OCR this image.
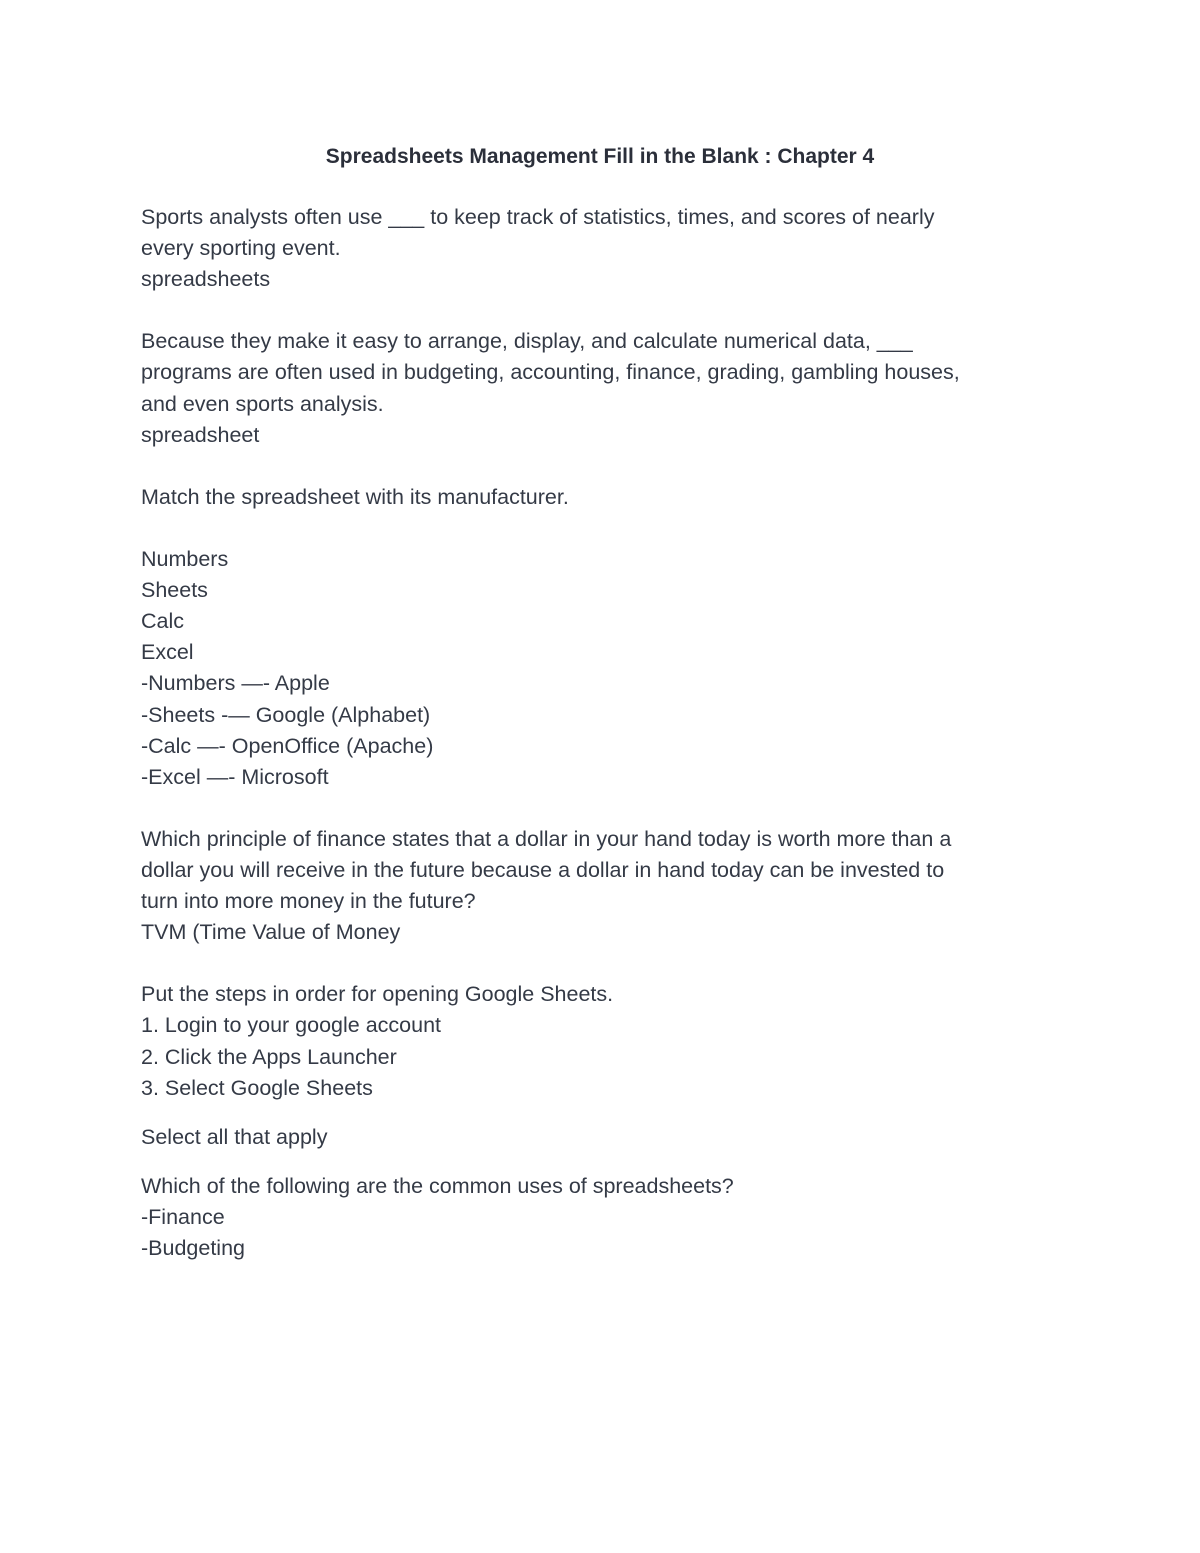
Spreadsheets Management Fill in the Blank : Chapter 4
Sports analysts often use ___ to keep track of statistics, times, and scores of nearly
every sporting event.
spreadsheets
Because they make it easy to arrange, display, and calculate numerical data, ___
programs are often used in budgeting, accounting, finance, grading, gambling houses,
and even sports analysis.
spreadsheet
Match the spreadsheet with its manufacturer.
Numbers
Sheets
Calc
Excel
-Numbers —- Apple
-Sheets -— Google (Alphabet)
-Calc —- OpenOffice (Apache)
-Excel —- Microsoft
Which principle of finance states that a dollar in your hand today is worth more than a
dollar you will receive in the future because a dollar in hand today can be invested to
turn into more money in the future?
TVM (Time Value of Money
Put the steps in order for opening Google Sheets.
1. Login to your google account
2. Click the Apps Launcher
3. Select Google Sheets
Select all that apply
Which of the following are the common uses of spreadsheets?
-Finance
-Budgeting
